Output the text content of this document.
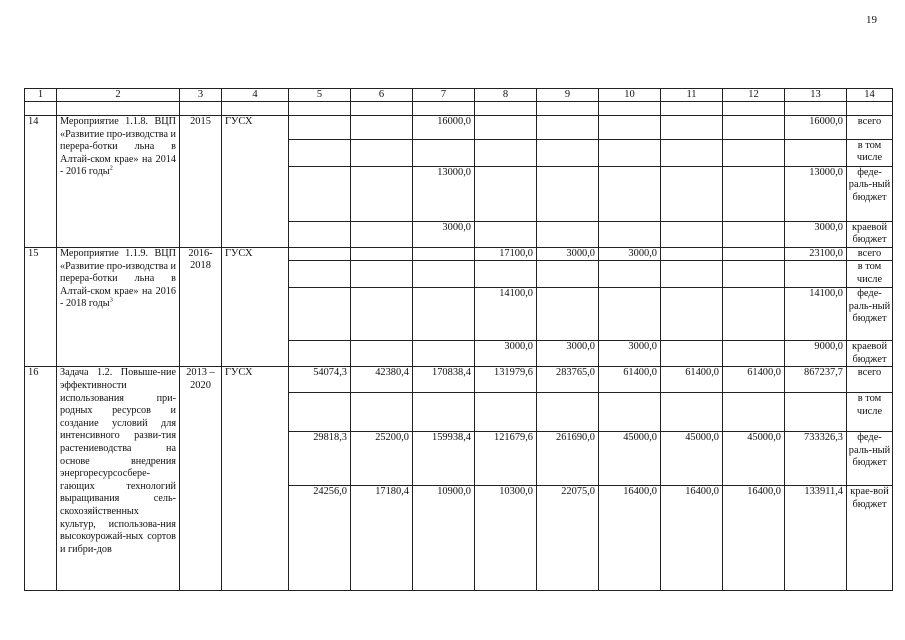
19
1	2	3	4	5	6	7	8	9	10	11	12	13	14

14	Мероприятие 1.1.8. ВЦП «Развитие про-изводства и перера-ботки льна в Алтай-ском крае» на 2014 - 2016 годы$^2$	2015	ГУСХ			16000,0						16000,0	всего
													в том числе
						13000,0						13000,0	феде-раль-ный бюджет
						3000,0						3000,0	краевой бюджет
15	Мероприятие 1.1.9. ВЦП «Развитие про-изводства и перера-ботки льна в Алтай-ском крае» на 2016 - 2018 годы$^3$	2016-2018	ГУСХ				17100,0	3000,0	3000,0			23100,0	всего
													в том числе
							14100,0					14100,0	феде-раль-ный бюджет
							3000,0	3000,0	3000,0			9000,0	краевой бюджет
16	Задача 1.2. Повыше-ние эффективности использования при-родных ресурсов и создание условий для интенсивного разви-тия растениеводства на основе внедрения энергоресурсосбере-гающих технологий выращивания сель-скохозяйственных культур, использова-ния высокоурожай-ных сортов и гибри-дов	2013 – 2020	ГУСХ	54074,3	42380,4	170838,4	131979,6	283765,0	61400,0	61400,0	61400,0	867237,7	всего
													в том числе
				29818,3	25200,0	159938,4	121679,6	261690,0	45000,0	45000,0	45000,0	733326,3	феде-раль-ный бюджет
				24256,0	17180,4	10900,0	10300,0	22075,0	16400,0	16400,0	16400,0	133911,4	крае-вой бюджет
